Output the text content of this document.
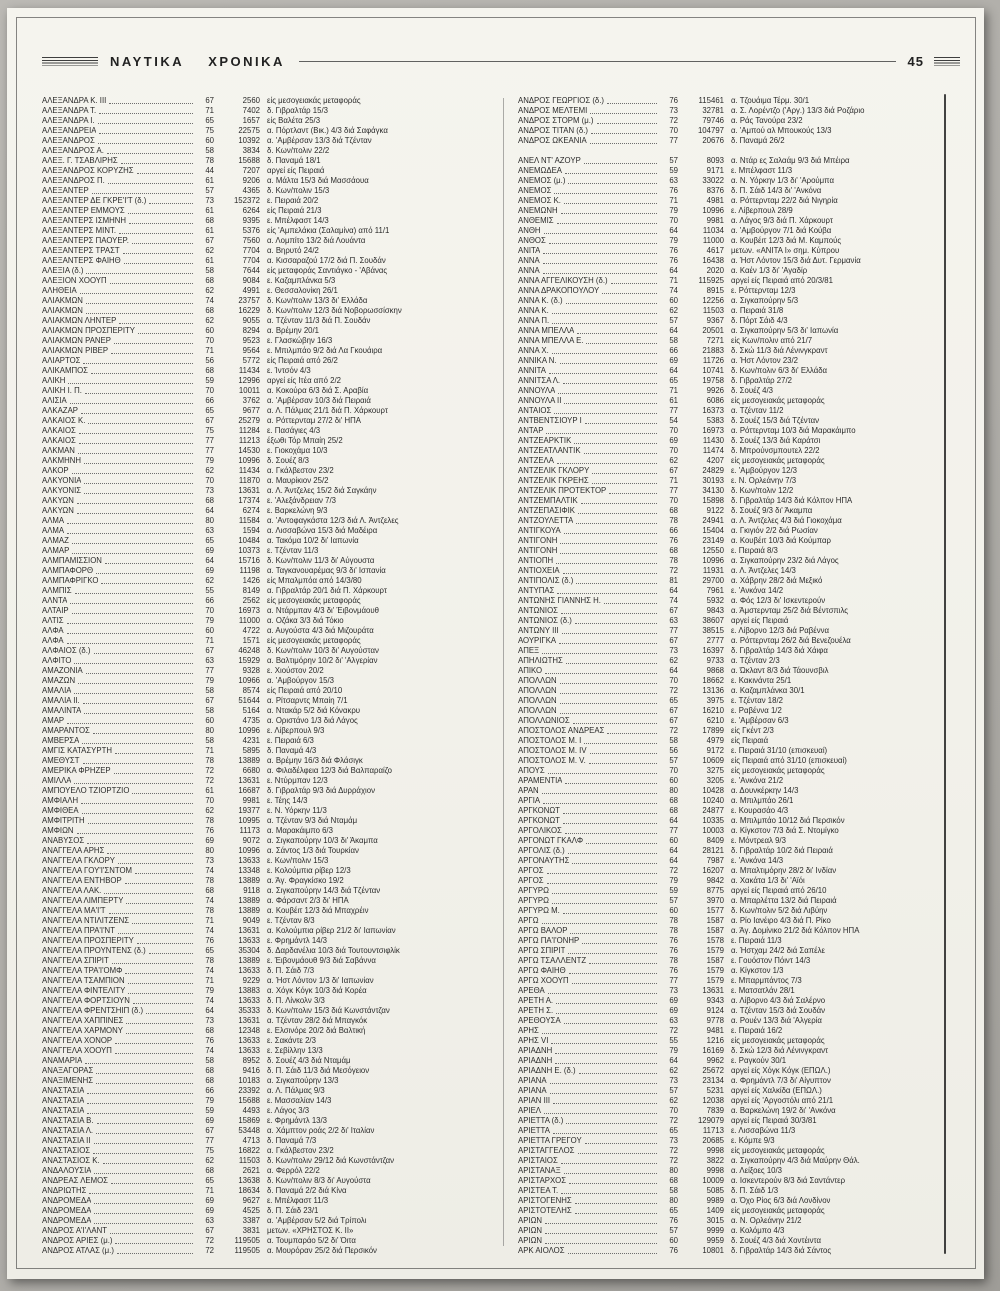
ΝΑΥΤΙΚΑ ΧΡΟΝΙΚΑ	45
ΑΛΕΞΑΝΔΡΑ Κ. ΙΙΙ	67	2560 είς μεσογειακάς μεταφοράς
ΑΛΕΞΑΝΔΡΑ Τ.	71	7402 δ. Γιβραλτάρ 15/3
ΑΛΕΞΑΝΔΡΑ Ι.	65	1657 είς Βαλέτα 25/3
ΑΛΕΞΑΝΔΡΕΙΑ	75	22575 α. Πόρτλαντ (Βικ.) 4/3 διά Σαφάγκα
ΑΛΕΞΑΝΔΡΟΣ	60	10392 α. 'Αμβέρσαν 13/3 διά Τζένταν
ΑΛΕΞΑΝΔΡΟΣ Α.	58	3834 δ. Κων/πολιν 22/2
ΑΛΕΞ. Γ. ΤΣΑΒΛΙΡΗΣ	78	15688 δ. Παναμά 18/1
ΑΛΕΞΑΝΔΡΟΣ ΚΟΡΥΖΗΣ	44	7207 αργεί είς Πειραιά
ΑΛΕΞΑΝΔΡΟΣ Π.	61	9206 α. Μάλτα 15/3 διά Μασσάουα
ΑΛΕΞΑΝΤΕΡ	57	4365 δ. Κων/πολιν 15/3
ΑΛΕΞΑΝΤΕΡ ΔΕ ΓΚΡΕ'Ι'Τ (δ.)	73	152372 ε. Πειραιά 20/2
ΑΛΕΞΑΝΤΕΡ ΕΜΜΟΥΣ	61	6264 είς Πειραιά 21/3
ΑΛΕΞΑΝΤΕΡΣ ΙΣΜΗΝΗ	68	9395 ε. Μπέλφαστ 14/3
ΑΛΕΞΑΝΤΕΡΣ ΜΙΝΤ.	61	5376 είς 'Αμπελάκια (Σαλαμίνα) από 11/1
ΑΛΕΞΑΝΤΕΡΣ ΠΑΟΥΕΡ.	67	7560 α. Λομπίτο 13/2 διά Λουάντα
ΑΛΕΞΑΝΤΕΡΣ ΤΡΑΣΤ	62	7704 α. Βηρυτό 24/2
ΑΛΕΞΑΝΤΕΡΣ ΦΑΙΗΘ	61	7704 α. Κισσαραζού 17/2 διά Π. Σουδάν
ΑΛΕΞΙΑ (δ.)	58	7644 είς μεταφοράς Σαντιάγκο - 'Αβάνας
ΑΛΕΞΙΟΝ ΧΟΟΥΠ	68	9084 ε. Καζαμπλάνκα 5/3
ΑΛΗΘΕΙΑ	62	4991 ε. Θεσσαλονίκη 26/1
ΑΛΙΑΚΜΩΝ	74	23757 δ. Κων/πολιν 13/3 δι' Ελλάδα
ΑΛΙΑΚΜΩΝ	68	16229 δ. Κων/πολιν 12/3 διά Νοβορωσσίσκην
ΑΛΙΑΚΜΩΝ ΛΗΝΤΕΡ	62	9055 α. Τζένταν 11/3 διά Π. Σουδάν
ΑΛΙΑΚΜΩΝ ΠΡΟΣΠΕΡΙΤΥ	60	8294 α. Βρέμην 20/1
ΑΛΙΑΚΜΩΝ ΡΑΝΕΡ	70	9523 ε. Γλασκώβην 16/3
ΑΛΙΑΚΜΩΝ ΡΙΒΕΡ	71	9564 ε. Μπιλμπάο 9/2 διά Λα Γκουάιρα
ΑΛΙΑΡΤΟΣ	56	5772 είς Πειραιά από 26/2
ΑΛΙΚΑΜΠΟΣ	68	11434 ε. Ίντσόν 4/3
ΑΛΙΚΗ	59	12996 αργεί είς Ιτέα από 2/2
ΑΛΙΚΗ Ι. Π.	70	10011 α. Κοκούρα 6/3 διά Σ. Αραβία
ΑΛΙΣΙΑ	66	3762 α. 'Αμβέρσαν 10/3 διά Πειραιά
ΑΛΚΑΖΑΡ	65	9677 α. Λ. Πάλμας 21/1 διά Π. Χάρκουρτ
ΑΛΚΑΙΟΣ Κ.	67	25279 α. Ρόττερνταμ 27/2 δι' ΗΠΑ
ΑΛΚΑΙΟΣ	75	11284 ε. Πασάγιες 4/3
ΑΛΚΑΙΟΣ	77	11213 έξωθι Τόρ Μπαίη 25/2
ΑΛΚΜΑΝ	77	14530 ε. Γιοκοχάμα 10/3
ΑΛΚΜΗΝΗ	79	10996 δ. Σουέζ 8/3
ΑΛΚΟΡ	62	11434 α. Γκάλβεστον 23/2
ΑΛΚΥΟΝΙΑ	70	11870 α. Μαυρίκιον 25/2
ΑΛΚΥΟΝΙΣ	73	13631 α. Λ. Άντζελες 15/2 διά Σαγκάην
ΑΛΚΥΩΝ	68	17374 ε. 'Αλεξάνδρειαν 7/3
ΑΛΚΥΩΝ	64	6274 ε. Βαρκελώνη 9/3
ΑΛΜΑ	80	11584 α. 'Αντοφαγκάστα 12/3 διά Λ. Άντζελες
ΑΛΜΑ	63	1594 α. Λισσαβώνα 15/3 διά Μαδέιρα
ΑΛΜΑΖ	65	10484 α. Τακόμα 10/2 δι' Ιαπωνία
ΑΛΜΑΡ	69	10373 ε. Τζένταν 11/3
ΑΛΜΠΑΜΙΣΣΙΟΝ	64	15716 δ. Κων/πολιν 11/3 δι' Αύγουστα
ΑΛΜΠΑΦΟΡΘ	69	11198 α. Ταγκανουαρέμας 9/3 δι' Ισπανία
ΑΛΜΠΑΦΡΙΓΚΟ	62	1426 είς Μπαλμπόα από 14/3/80
ΑΛΜΠΙΣ	55	8149 α. Γιβραλτάρ 20/1 διά Π. Χάρκουρτ
ΑΛΝΤΑ	66	2562 είς μεσογειακάς μεταφοράς
ΑΛΤΑΙΡ	70	16973 α. Ντάρμπαν 4/3 δι' Έιβονμάουθ
ΑΛΤΙΣ	79	11000 α. Οζάκα 3/3 διά Τόκιο
ΑΛΦΑ	60	4722 α. Αυγούστα 4/3 διά Μιζουράτα
ΑΛΦΑ	71	1571 είς μεσογειακάς μεταφοράς
ΑΛΦΑΙΟΣ (δ.)	67	46248 δ. Κων/πολιν 10/3 δι' Αυγούσταν
ΑΛΦΙΤΟ	63	15929 α. Βαλτιμόρην 10/2 δι' 'Αλγερίαν
ΑΜΑΖΟΝΙΑ	77	9328 ε. Χιούστον 20/2
ΑΜΑΖΩΝ	79	10966 α. 'Αμβούργον 15/3
ΑΜΑΛΙΑ	58	8574 είς Πειραιά από 20/10
ΑΜΑΛΙΑ ΙΙ.	67	51644 α. Ρίτσαρντς Μπαίη 7/1
ΑΜΑΛΙΝΤΑ	58	5164 α. Ντακάρ 5/2 διά Κόνακρυ
ΑΜΑΡ	60	4735 α. Οριστάνο 1/3 διά Λάγος
ΑΜΑΡΑΝΤΟΣ	80	10996 ε. Λίβερπουλ 9/3
ΑΜΒΕΡΣΑ	58	4231 ε. Πειραιά 6/3
ΑΜΓΙΣ ΚΑΤΑΣΥΡΤΗ	71	5895 δ. Παναμά 4/3
ΑΜΕΘΥΣΤ	78	13889 α. Βρέμην 16/3 διά Φλάσιγκ
ΑΜΕΡΙΚΑ ΦΡΗΖΕΡ	72	6680 α. Φιλαδέλφεια 12/3 διά Βαλπαραίζο
ΑΜΙΛΛΑ	72	13631 ε. Ντύρμπαν 12/3
ΑΜΠΟΥΕΛΟ ΤΖΙΟΡΤΖΙΟ	61	16687 δ. Γιβραλτάρ 9/3 διά Δυρράχιον
ΑΜΦΙΑΛΗ	70	9981 ε. Τέης 14/3
ΑΜΦΙΘΕΑ	62	19377 ε. Ν. Υόρκην 11/3
ΑΜΦΙΤΡΙΤΗ	78	10995 α. Τζένταν 9/3 διά Νταμάμ
ΑΜΦΙΩΝ	76	11173 α. Μαρακάιμπο 6/3
ΑΝΑΒΥΣΟΣ	69	9072 α. Σιγκαπούρην 10/3 δι' Άκαμπα
ΑΝΑΓΓΕΛΑ ΑΡΗΣ	80	10996 α. Σάντος 1/3 διά Τουρκίαν
ΑΝΑΓΓΕΛΑ ΓΚΛΟΡΥ	73	13633 ε. Κων/πολιν 15/3
ΑΝΑΓΓΕΛΑ ΓΟΥ'Ι'ΣΝΤΟΜ	74	13348 ε. Κολούμπια ρίβερ 12/3
ΑΝΑΓΓΕΛΑ ΕΝΤΗΒΟΡ	78	13889 α. Άγ. Φραγκίσκο 19/2
ΑΝΑΓΓΕΛΑ ΛΑΚ.	68	9118 α. Σιγκαπούρην 14/3 διά Τζένταν
ΑΝΑΓΓΕΛΑ ΛΙΜΠΕΡΤΥ	74	13889 α. Φάρσαντ 2/3 δι' ΗΠΑ
ΑΝΑΓΓΕΛΑ ΜΑ'Ι'Τ	78	13889 α. Κουβέιτ 12/3 διά Μπαχρέιν
ΑΝΑΓΓΕΛΑ ΝΤΙΛΙΤΖΕΝΣ	71	9049 ε. Τζένταν 8/3
ΑΝΑΓΓΕΛΑ ΠΡΑ'Ι'ΝΤ	74	13631 α. Κολούμπια ρίβερ 21/2 δι' Ιαπωνίαν
ΑΝΑΓΓΕΛΑ ΠΡΟΣΠΕΡΙΤΥ	76	13633 ε. Φρημάντλ 14/3
ΑΝΑΓΓΕΛΑ ΠΡΟΥΝΤΕΝΣ (δ.)	65	35304 δ. Δαρδανέλια 10/3 διά Τουτουντσιφλίκ
ΑΝΑΓΓΕΛΑ ΣΠΙΡΙΤ	78	13889 ε. Έιβονμάουθ 9/3 διά Σαβάννα
ΑΝΑΓΓΕΛΑ ΤΡΑ'Ι'ΟΜΦ	74	13633 δ. Π. Σάιδ 7/3
ΑΝΑΓΓΕΛΑ ΤΣΑΜΠΙΟΝ	71	9229 α. Ήστ Λόντον 1/3 δι' Ιαπωνίαν
ΑΝΑΓΓΕΛΑ ΦΙΝΤΕΛΙΤΥ	79	13883 α. Χόγκ Κόγκ 10/3 διά Κορέα
ΑΝΑΓΓΕΛΑ ΦΟΡΤΣΙΟΥΝ	74	13633 δ. Π. Λίνκολν 3/3
ΑΝΑΓΓΕΛΑ ΦΡΕΝΤΣΗΙΠ (δ.)	64	35333 δ. Κων/πολιν 15/3 διά Κωνστάντζαν
ΑΝΑΓΓΕΛΑ ΧΑΠΠΙΝΕΣ	73	13631 α. Τζένταν 28/2 διά Μπαγκόκ
ΑΝΑΓΓΕΛΑ ΧΑΡΜΟΝΥ	68	12348 ε. Ελσινόρε 20/2 διά Βαλτική
ΑΝΑΓΓΕΛΑ ΧΟΝΟΡ	76	13633 ε. Σακάντε 2/3
ΑΝΑΓΓΕΛΑ ΧΟΟΥΠ	74	13633 ε. Σεβίλλην 13/3
ΑΝΑΜΑΡΙΑ	58	8952 δ. Σουέζ 4/3 διά Νταμάμ
ΑΝΑΞΑΓΟΡΑΣ	68	9416 δ. Π. Σάιδ 11/3 διά Μεσόγειον
ΑΝΑΞΙΜΕΝΗΣ	68	10183 α. Σιγκαπούρην 13/3
ΑΝΑΣΤΑΣΙΑ	66	23392 α. Λ. Πάλμας 9/3
ΑΝΑΣΤΑΣΙΑ	79	15688 ε. Μασσαλίαν 14/3
ΑΝΑΣΤΑΣΙΑ	59	4493 ε. Λάγος 3/3
ΑΝΑΣΤΑΣΙΑ Β.	69	15869 ε. Φρημάντλ 13/3
ΑΝΑΣΤΑΣΙΑ Λ.	67	53448 α. Χάμπτον ροάς 2/2 δι' Ιταλίαν
ΑΝΑΣΤΑΣΙΑ ΙΙ	77	4713 δ. Παναμά 7/3
ΑΝΑΣΤΑΣΙΟΣ	75	16822 α. Γκάλβεστον 23/2
ΑΝΑΣΤΑΣΙΟΣ Κ.	62	11503 δ. Κων/πολιν 29/12 διά Κωνστάντζαν
ΑΝΔΑΛΟΥΣΙΑ	68	2621 α. Φερρόλ 22/2
ΑΝΔΡΕΑΣ ΛΕΜΟΣ	65	13638 δ. Κων/πολιν 8/3 δι' Αυγούστα
ΑΝΔΡΙΩΤΗΣ	71	18634 δ. Παναμά 2/2 διά Κίνα
ΑΝΔΡΟΜΕΔΑ	69	9627 ε. Μπέλφαστ 11/3
ΑΝΔΡΟΜΕΔΑ	69	4525 δ. Π. Σάιδ 23/1
ΑΝΔΡΟΜΕΔΑ	63	3387 α. 'Αμβέρσαν 5/2 διά Τρίπολι
ΑΝΔΡΟΣ Α'Ι'ΛΑΝΤ	67	3831 μετων. «ΧΡΗΣΤΟΣ Κ. ΙΙ»
ΑΝΔΡΟΣ ΑΡΙΕΣ (μ.)	72	119505 α. Τουμπαράο 5/2 δι' Όιτα
ΑΝΔΡΟΣ ΑΤΛΑΣ (μ.)	72	119505 α. Μουρόραν 25/2 διά Περσικόν
ΑΝΔΡΟΣ ΓΕΩΡΓΙΟΣ (δ.)	76	115461 α. Τζουάιμα Τέρμ. 30/1
ΑΝΔΡΟΣ ΜΕΛΤΕΜΙ	73	32781 α. Σ. Λορέντζο ('Αργ.) 13/3 διά Ροζάριο
ΑΝΔΡΟΣ ΣΤΟΡΜ (μ.)	72	79746 α. Ράς Τανούρα 23/2
ΑΝΔΡΟΣ ΤΙΤΑΝ (δ.)	70	104797 α. 'Αμπού αλ Μπουκούς 13/3
ΑΝΔΡΟΣ ΩΚΕΑΝΙΑ	77	20676 δ. Παναμά 26/2
ΑΝΕΛ ΝΤ' ΑΖΟΥΡ	57	8093 α. Ντάρ ες Σαλαάμ 9/3 διά Μπέιρα
ΑΝΕΜΩΔΕΑ	59	9171 ε. Μπέλφαστ 11/3
ΑΝΕΜΟΣ (μ.)	63	33022 α. Ν. Υόρκην 1/3 δι' 'Αρούμπα
ΑΝΕΜΟΣ	76	8376 δ. Π. Σάιδ 14/3 δι' 'Ανκόνα
ΑΝΕΜΟΣ Κ.	71	4981 α. Ρόττερνταμ 22/2 διά Νιγηρία
ΑΝΕΜΩΝΗ	79	10996 ε. Λίβερπουλ 28/9
ΑΝΘΕΜΙΣ	70	9981 α. Λάγος 9/3 διά Π. Χάρκουρτ
ΑΝΘΗ	64	11034 α. 'Αμβούργον 7/1 διά Κούβα
ΑΝΘΟΣ	79	11000 α. Κουβέιτ 12/3 διά Μ. Καμπούς
ΑΝΙΤΑ	76	4617 μετων. «ΑΝΙΤΑ Ι» σημ. Κύπρου
ΑΝΝΑ	76	16438 α. Ήστ Λόντον 15/3 διά Δυτ. Γερμανία
ΑΝΝΑ	64	2020 α. Καέν 1/3 δι' 'Αγαδίρ
ΑΝΝΑ ΑΓΓΕΛΙΚΟΥΣΗ (δ.)	71	115925 αργεί είς Πειραιά από 20/3/81
ΑΝΝΑ ΔΡΑΚΟΠΟΥΛΟΥ	74	8915 ε. Ρόττερνταμ 12/3
ΑΝΝΑ Κ. (δ.)	60	12256 α. Σιγκαπούρην 5/3
ΑΝΝΑ Κ.	62	11503 α. Πειραιά 31/8
ΑΝΝΑ Π.	57	9367 δ. Πόρτ Σάιδ 4/3
ΑΝΝΑ ΜΠΕΛΛΑ	64	20501 α. Σιγκαπούρην 5/3 δι' Ιαπωνία
ΑΝΝΑ ΜΠΕΛΛΑ Ε.	58	7271 είς Κων/πολιν από 21/7
ΑΝΝΑ Χ.	66	21883 δ. Σκώ 11/3 διά Λένινγκραντ
ΑΝΝΙΚΑ Ν.	69	11726 α. Ήστ Λόντον 23/2
ΑΝΝΙΤΑ	64	10741 δ. Κων/πολιν 6/3 δι' Ελλάδα
ΑΝΝΙΤΣΑ Λ.	65	19758 δ. Γιβραλτάρ 27/2
ΑΝΝΟΥΛΑ	71	9926 δ. Σουέζ 4/3
ΑΝΝΟΥΛΑ ΙΙ	61	6086 είς μεσογειακάς μεταφοράς
ΑΝΤΑΙΟΣ	77	16373 α. Τζένταν 11/2
ΑΝΤΒΕΝΤΣΙΟΥΡ Ι	54	5383 δ. Σουέζ 15/3 διά Τζένταν
ΑΝΤΑΡ	70	16973 α. Ρόττερνταμ 10/3 διά Μαρακάιμπο
ΑΝΤΖΕΑΡΚΤΙΚ	69	11430 δ. Σουέζ 13/3 διά Καράτσι
ΑΝΤΖΕΑΤΛΑΝΤΙΚ	70	11474 δ. Μπρούνσμπουτελ 22/2
ΑΝΤΖΕΛΑ	62	4207 είς μεσογειακάς μεταφοράς
ΑΝΤΖΕΛΙΚ ΓΚΛΟΡΥ	67	24829 ε. 'Αμβούργον 12/3
ΑΝΤΖΕΛΙΚ ΓΚΡΕΗΣ	71	30193 ε. Ν. Ορλεάνην 7/3
ΑΝΤΖΕΛΙΚ ΠΡΟΤΕΚΤΟΡ	77	34130 δ. Κων/πολιν 12/2
ΑΝΤΖΕΜΠΑΛΤΙΚ	70	15898 δ. Γιβραλτάρ 14/3 διά Κόλπον ΗΠΑ
ΑΝΤΖΕΠΑΣΙΦΙΚ	68	9122 δ. Σουέζ 9/3 δι' Άκαμπα
ΑΝΤΖΟΥΛΕΤΤΑ	78	24941 α. Λ. Άντζελες 4/3 διά Γιοκοχάμα
ΑΝΤΙΓΚΟΥΑ	66	15404 α. Γκιγιόν 2/2 διά Ρωσίαν
ΑΝΤΙΓΟΝΗ	76	23149 α. Κουβέιτ 10/3 διά Κούμπαρ
ΑΝΤΙΓΟΝΗ	68	12550 ε. Πειραιά 8/3
ΑΝΤΙΟΠΗ	78	10996 α. Σιγκαπούρην 23/2 διά Λάγος
ΑΝΤΙΟΧΕΙΑ	72	11931 α. Λ. Άντζελες 14/3
ΑΝΤΙΠΟΛΙΣ (δ.)	81	29700 α. Χάβρην 28/2 διά Μεξικό
ΑΝΤΥΠΑΣ	64	7961 ε. 'Ανκόνα 14/2
ΑΝΤΩΝΗΣ ΓΙΑΝΝΗΣ Η.	74	5932 α. Φός 12/3 δι' Ισκεντερούν
ΑΝΤΩΝΙΟΣ	67	9843 α. Άμστερνταμ 25/2 διά Βέντσπιλς
ΑΝΤΩΝΙΟΣ (δ.)	63	38607 αργεί είς Πειραιά
ΑΝΤΩΝΥ ΙΙΙ	77	38515 ε. Λίβορνο 12/3 διά Ραβέννα
ΑΟΥΡΙΓΚΑ	67	2777 α. Ρόττερνταμ 26/2 διά Βενεζουέλα
ΑΠΕΞ	73	16397 δ. Γιβραλτάρ 14/3 διά Χάιφα
ΑΠΗΛΙΩΤΗΣ	62	9733 α. Τζένταν 2/3
ΑΠΙΚΟ	64	9868 α. Ώκλαντ 8/3 διά Τάουνσβιλ
ΑΠΟΛΛΩΝ	70	18662 ε. Κακινάντα 25/1
ΑΠΟΛΛΩΝ	72	13136 α. Καζαμπλάνκα 30/1
ΑΠΟΛΛΩΝ	65	3975 ε. Τζένταν 18/2
ΑΠΟΛΛΩΝ	67	16210 ε. Ραβέννα 1/2
ΑΠΟΛΛΩΝΙΟΣ	67	6210 ε. 'Αμβέρσαν 6/3
ΑΠΟΣΤΟΛΟΣ ΑΝΔΡΕΑΣ	72	17899 είς Γκέντ 2/3
ΑΠΟΣΤΟΛΟΣ Μ. Ι	58	4979 είς Πειραιά
ΑΠΟΣΤΟΛΟΣ Μ. ΙV	56	9172 ε. Πειραιά 31/10 (επισκευαί)
ΑΠΟΣΤΟΛΟΣ Μ. V.	57	10609 είς Πειραιά από 31/10 (επισκευαί)
ΑΠΟΥΣ	70	3275 είς μεσογειακάς μεταφοράς
ΑΡΑΜΕΝΤΙΑ	60	3205 ε. 'Ανκόνα 21/2
ΑΡΑΝ	80	10428 α. Δουνκέρκην 14/3
ΑΡΓΙΑ	68	10240 α. Μπιλμπάο 26/1
ΑΡΓΚΟΝΩΤ	68	24877 ε. Κουρασάο 4/3
ΑΡΓΚΟΝΩΤ	64	10335 α. Μπιλμπάο 10/12 διά Περσικόν
ΑΡΓΟΛΙΚΟΣ	77	10003 α. Κίγκστον 7/3 διά Σ. Ντομίγκο
ΑΡΓΟΝΩΤ ΓΚΑΛΦ	60	8409 ε. Μόντρεαλ 9/3
ΑΡΓΟΛΙΣ (δ.)	64	28121 δ. Γιβραλτάρ 10/2 διά Πειραιά
ΑΡΓΟΝΑΥΤΗΣ	64	7987 ε. 'Ανκόνα 14/3
ΑΡΓΟΣ	72	16207 α. Μπαλτιμόρην 28/2 δι' Ινδίαν
ΑΡΓΟΣ	79	9842 α. Χακάτα 1/3 δι' 'Αϊόι
ΑΡΓΥΡΩ	59	8775 αργεί είς Πειραιά από 26/10
ΑΡΓΥΡΩ	57	3970 α. Μπαρλέττα 13/2 διά Πειραιά
ΑΡΓΥΡΩ Μ.	60	1577 δ. Κων/πολιν 5/2 διά Λιβύην
ΑΡΓΩ	78	1587 α. Ρίο Ιανέιρο 4/3 διά Π. Ρίκο
ΑΡΓΩ ΒΑΛΟΡ	78	1587 α. Άγ. Δομίνικο 21/2 διά Κόλπον ΗΠΑ
ΑΡΓΩ ΠΑ'Ι'ΟΝΗΡ	76	1578 ε. Πειραιά 11/3
ΑΡΓΩ ΣΠΙΡΙΤ	76	1579 α. Ήστχαμ 24/2 διά Σαπέλε
ΑΡΓΩ ΤΣΑΛΛΕΝΤΖ	78	1587 ε. Γουόστον Πόιντ 14/3
ΑΡΓΩ ΦΑΙΗΘ	76	1579 α. Κίγκστον 1/3
ΑΡΓΩ ΧΟΟΥΠ	77	1579 ε. Μπαρμπάντος 7/3
ΑΡΕΘΑ	73	13631 ε. Ματσατλάν 28/1
ΑΡΕΤΗ Α.	69	9343 α. Λίβορνο 4/3 διά Σαλέρνο
ΑΡΕΤΗ Σ.	69	9124 α. Τζένταν 15/3 διά Σουδάν
ΑΡΕΘΟΥΣΑ	63	9778 α. Ρουέν 13/3 διά 'Αλγερία
ΑΡΗΣ	72	9481 ε. Πειραιά 16/2
ΑΡΗΣ VI	55	1216 είς μεσογειακάς μεταφοράς
ΑΡΙΑΔΝΗ	79	16169 δ. Σκώ 12/3 διά Λένινγκραντ
ΑΡΙΑΔΝΗ	64	9962 ε. Ραγκούν 30/1
ΑΡΙΑΔΝΗ Ε. (δ.)	62	25672 αργεί είς Χόγκ Κόγκ (ΕΠΩΛ.)
ΑΡΙΑΝΑ	73	23134 α. Φρημάντλ 7/3 δι' Αίγυπτον
ΑΡΙΑΝΑ	57	5231 αργεί είς Χαλκίδα (ΕΠΩΛ.)
ΑΡΙΑΝ ΙΙΙ	62	12038 αργεί είς 'Αργοστόλι από 21/1
ΑΡΙΕΛ	70	7839 α. Βαρκελώνη 19/2 δι' 'Ανκόνα
ΑΡΙΕΤΤΑ (δ.)	72	129079 αργεί είς Πειραιά 30/3/81
ΑΡΙΕΤΤΑ	65	11713 ε. Λισσαβώνα 11/3
ΑΡΙΕΤΤΑ ΓΡΕΓΟΥ	73	20685 ε. Κόμπε 9/3
ΑΡΙΣΤΑΓΓΕΛΟΣ	72	9998 είς μεσογειακάς μεταφοράς
ΑΡΙΣΤΑΙΟΣ	72	3822 α. Σιγκαπούρην 4/3 διά Μαύρην Θάλ.
ΑΡΙΣΤΑΝΑΞ	80	9998 α. Λείξοες 10/3
ΑΡΙΣΤΑΡΧΟΣ	68	10009 α. Ισκεντερούν 8/3 διά Σαντάντερ
ΑΡΙΣΤΕΑ Τ.	58	5085 δ. Π. Σάιδ 1/3
ΑΡΙΣΤΟΓΕΝΗΣ	80	9989 α. Όχο Ρίος 6/3 διά Λονδίνον
ΑΡΙΣΤΟΤΕΛΗΣ	65	1409 είς μεσογειακάς μεταφοράς
ΑΡΙΩΝ	76	3015 α. Ν. Ορλεάνην 21/2
ΑΡΙΩΝ	57	9999 α. Κολόμπο 4/3
ΑΡΙΩΝ	60	9959 δ. Σουέζ 4/3 διά Χοντέιντα
ΑΡΚ ΑΙΟΛΟΣ	76	10801 δ. Γιβραλτάρ 14/3 διά Σάντος
